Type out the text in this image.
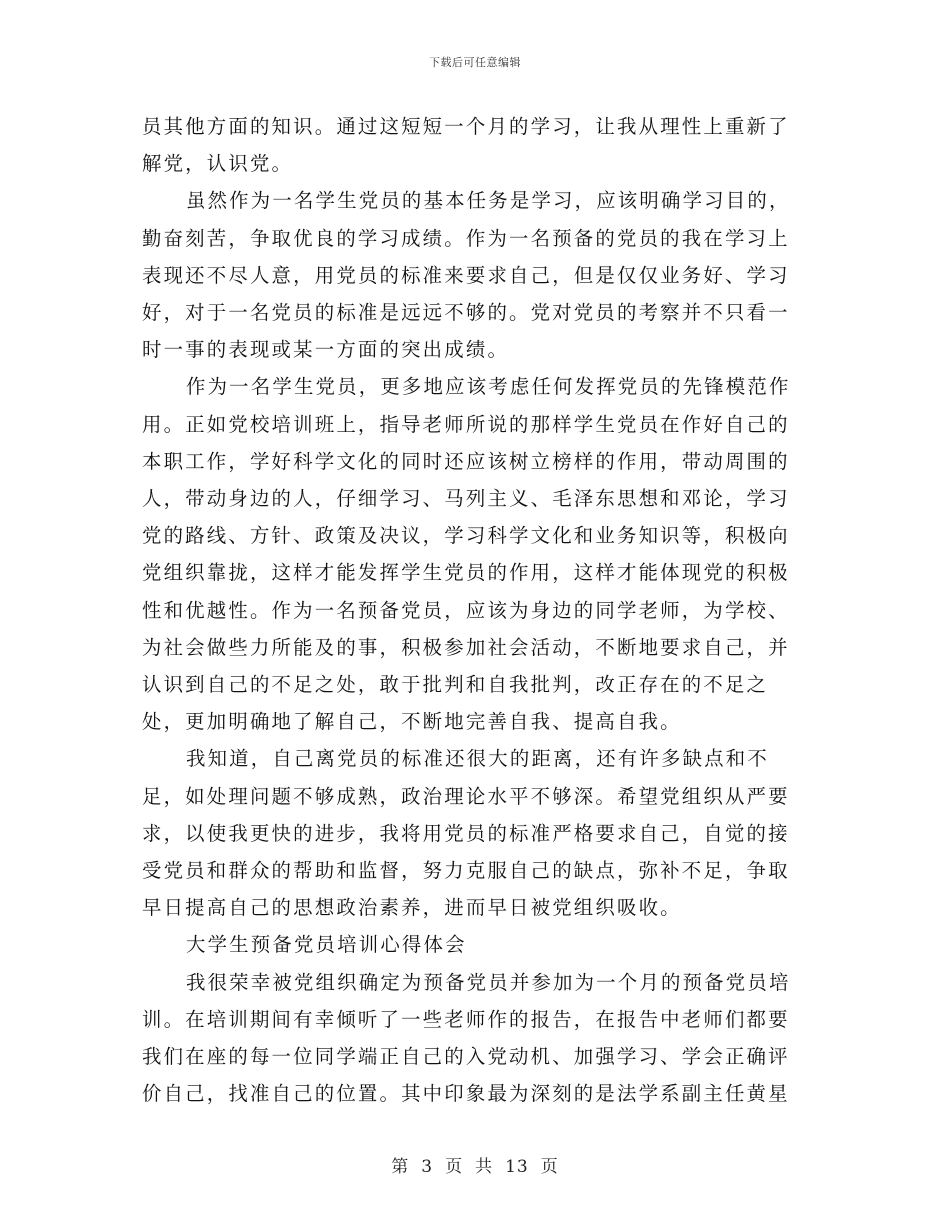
下载后可任意编辑

员其他方面的知识。通过这短短一个月的学习，让我从理性上重新了解党，认识党。

虽然作为一名学生党员的基本任务是学习，应该明确学习目的，勤奋刻苦，争取优良的学习成绩。作为一名预备的党员的我在学习上表现还不尽人意，用党员的标准来要求自己，但是仅仅业务好、学习好，对于一名党员的标准是远远不够的。党对党员的考察并不只看一时一事的表现或某一方面的突出成绩。

作为一名学生党员，更多地应该考虑任何发挥党员的先锋模范作用。正如党校培训班上，指导老师所说的那样学生党员在作好自己的本职工作，学好科学文化的同时还应该树立榜样的作用，带动周围的人，带动身边的人，仔细学习、马列主义、毛泽东思想和邓论，学习党的路线、方针、政策及决议，学习科学文化和业务知识等，积极向党组织靠拢，这样才能发挥学生党员的作用，这样才能体现党的积极性和优越性。作为一名预备党员，应该为身边的同学老师，为学校、为社会做些力所能及的事，积极参加社会活动，不断地要求自己，并认识到自己的不足之处，敢于批判和自我批判，改正存在的不足之处，更加明确地了解自己，不断地完善自我、提高自我。

我知道，自己离党员的标准还很大的距离，还有许多缺点和不足，如处理问题不够成熟，政治理论水平不够深。希望党组织从严要求，以使我更快的进步，我将用党员的标准严格要求自己，自觉的接受党员和群众的帮助和监督，努力克服自己的缺点，弥补不足，争取早日提高自己的思想政治素养，进而早日被党组织吸收。

大学生预备党员培训心得体会

我很荣幸被党组织确定为预备党员并参加为一个月的预备党员培训。在培训期间有幸倾听了一些老师作的报告，在报告中老师们都要我们在座的每一位同学端正自己的入党动机、加强学习、学会正确评价自己，找准自己的位置。其中印象最为深刻的是法学系副主任黄星

第 3 页 共 13 页
